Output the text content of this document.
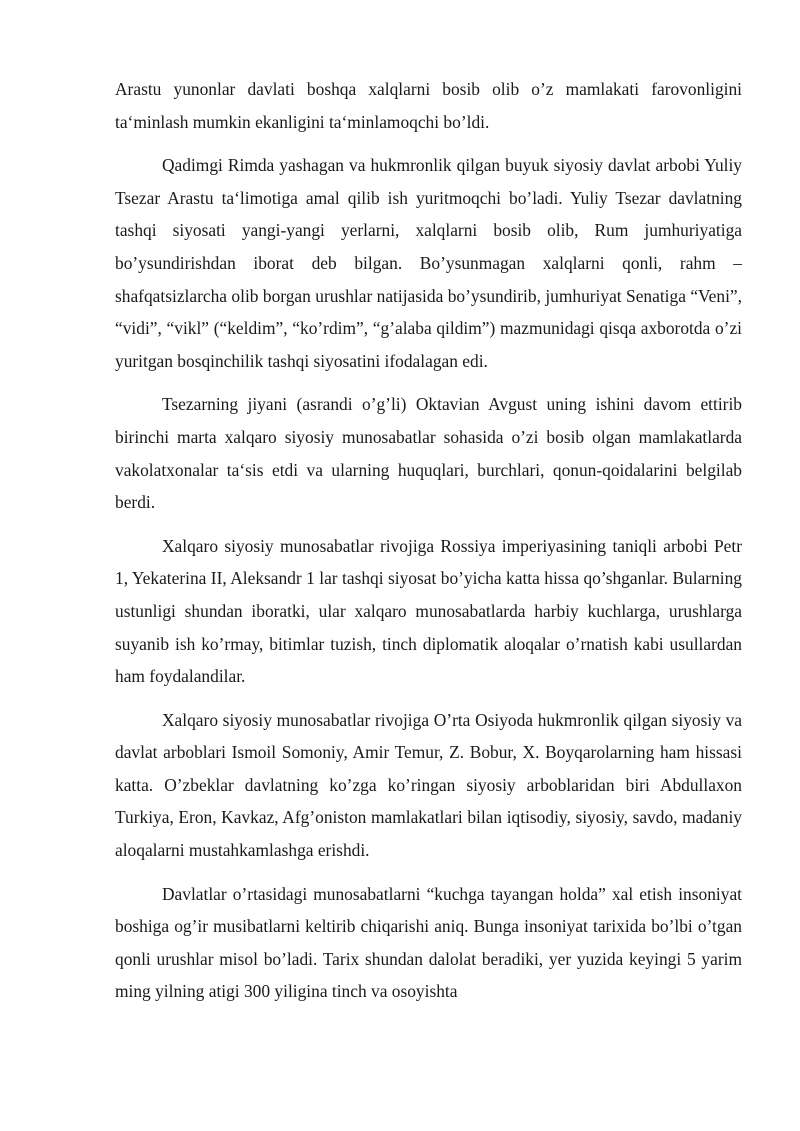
Arastu yunonlar davlati boshqa xalqlarni bosib olib o’z mamlakati farovonligini ta‘minlash mumkin ekanligini ta‘minlamoqchi bo’ldi.

Qadimgi Rimda yashagan va hukmronlik qilgan buyuk siyosiy davlat arbobi Yuliy Tsezar Arastu ta‘limotiga amal qilib ish yuritmoqchi bo’ladi. Yuliy Tsezar davlatning tashqi siyosati yangi-yangi yerlarni, xalqlarni bosib olib, Rum jumhuriyatiga bo’ysundirishdan iborat deb bilgan. Bo’ysunmagan xalqlarni qonli, rahm – shafqatsizlarcha olib borgan urushlar natijasida bo’ysundirib, jumhuriyat Senatiga “Veni”, “vidi”, “vikl” (“keldim”, “ko’rdim”, “g’alaba qildim”) mazmunidagi qisqa axborotda o’zi yuritgan bosqinchilik tashqi siyosatini ifodalagan edi.

Tsezarning jiyani (asrandi o’g’li) Oktavian Avgust uning ishini davom ettirib birinchi marta xalqaro siyosiy munosabatlar sohasida o’zi bosib olgan mamlakatlarda vakolatxonalar ta‘sis etdi va ularning huquqlari, burchlari, qonun-qoidalarini belgilab berdi.

Xalqaro siyosiy munosabatlar rivojiga Rossiya imperiyasining taniqli arbobi Petr 1, Yekaterina II, Aleksandr 1 lar tashqi siyosat bo’yicha katta hissa qo’shganlar. Bularning ustunligi shundan iboratki, ular xalqaro munosabatlarda harbiy kuchlarga, urushlarga suyanib ish ko’rmay, bitimlar tuzish, tinch diplomatik aloqalar o’rnatish kabi usullardan ham foydalandilar.

Xalqaro siyosiy munosabatlar rivojiga O’rta Osiyoda hukmronlik qilgan siyosiy va davlat arboblari Ismoil Somoniy, Amir Temur, Z. Bobur, X. Boyqarolarning ham hissasi katta. O’zbeklar davlatning ko’zga ko’ringan siyosiy arboblaridan biri Abdullaxon Turkiya, Eron, Kavkaz, Afg’oniston mamlakatlari bilan iqtisodiy, siyosiy, savdo, madaniy aloqalarni mustahkamlashga erishdi.

Davlatlar o’rtasidagi munosabatlarni “kuchga tayangan holda” xal etish insoniyat boshiga og’ir musibatlarni keltirib chiqarishi aniq. Bunga insoniyat tarixida bo’lbi o’tgan qonli urushlar misol bo’ladi. Tarix shundan dalolat beradiki, yer yuzida keyingi 5 yarim ming yilning atigi 300 yiligina tinch va osoyishta
